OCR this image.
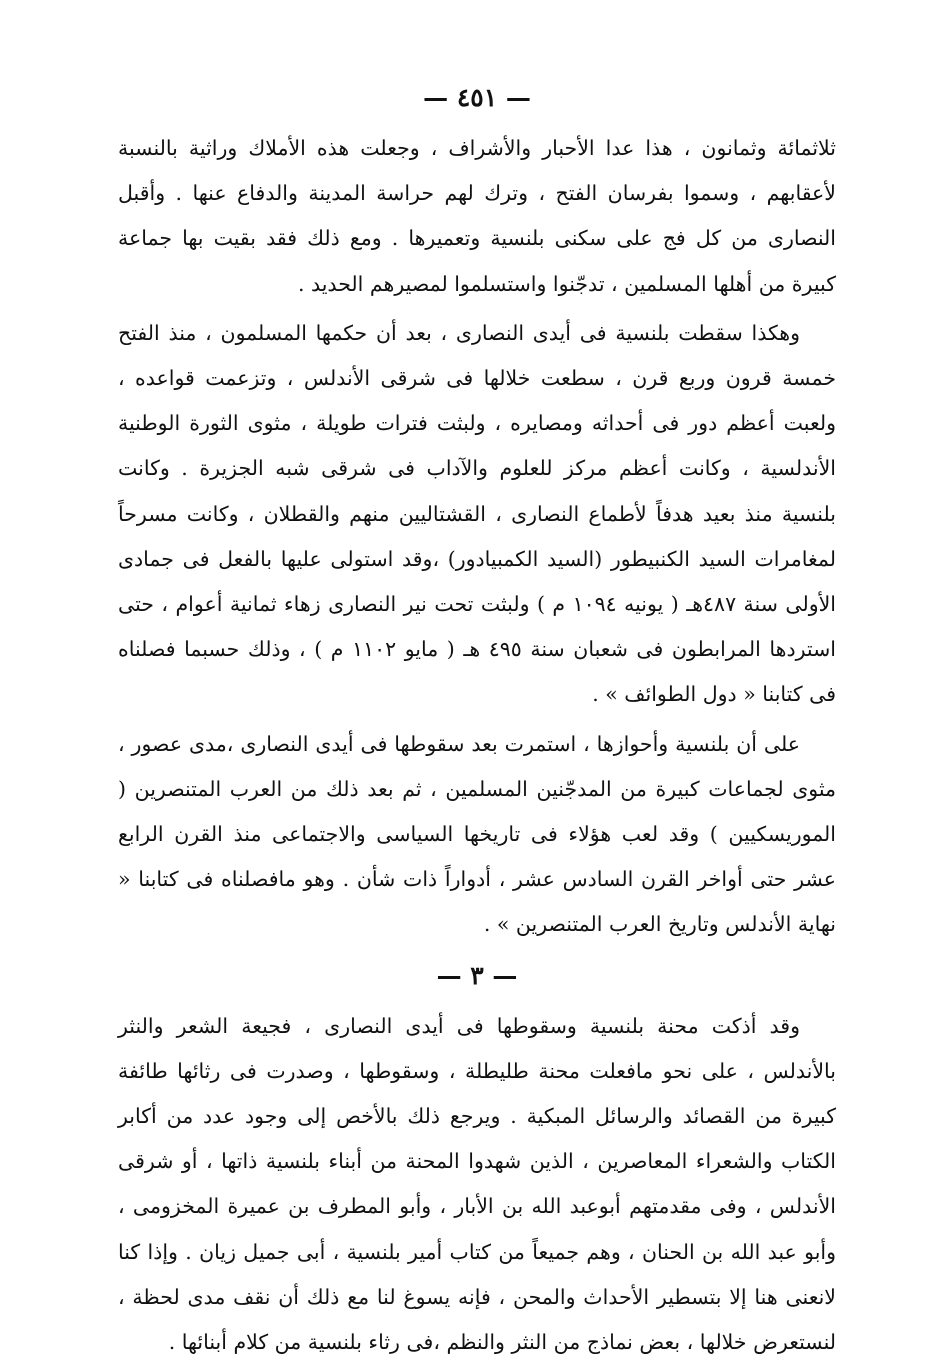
— ٤٥١ —

ثلاثمائة وثمانون ، هذا عدا الأحبار والأشراف ، وجعلت هذه الأملاك وراثية بالنسبة لأعقابهم ، وسموا بفرسان الفتح ، وترك لهم حراسة المدينة والدفاع عنها . وأقبل النصارى من كل فج على سكنى بلنسية وتعميرها . ومع ذلك فقد بقيت بها جماعة كبيرة من أهلها المسلمين ، تدجّنوا واستسلموا لمصيرهم الحديد .

وهكذا سقطت بلنسية فى أيدى النصارى ، بعد أن حكمها المسلمون ، منذ الفتح خمسة قرون وربع قرن ، سطعت خلالها فى شرقى الأندلس ، وتزعمت قواعده ، ولعبت أعظم دور فى أحداثه ومصايره ، ولبثت فترات طويلة ، مثوى الثورة الوطنية الأندلسية ، وكانت أعظم مركز للعلوم والآداب فى شرقى شبه الجزيرة . وكانت بلنسية منذ بعيد هدفاً لأطماع النصارى ، القشتاليين منهم والقطلان ، وكانت مسرحاً لمغامرات السيد الكنبيطور (السيد الكمبيادور) ،وقد استولى عليها بالفعل فى جمادى الأولى سنة ٤٨٧هـ ( يونيه ١٠٩٤ م ) ولبثت تحت نير النصارى زهاء ثمانية أعوام ، حتى استردها المرابطون فى شعبان سنة ٤٩٥ هـ ( مايو ١١٠٢ م ) ، وذلك حسبما فصلناه فى كتابنا « دول الطوائف » .

على أن بلنسية وأحوازها ، استمرت بعد سقوطها فى أيدى النصارى ،مدى عصور ، مثوى لجماعات كبيرة من المدجّنين المسلمين ، ثم بعد ذلك من العرب المتنصرين ( الموريسكيين ) وقد لعب هؤلاء فى تاريخها السياسى والاجتماعى منذ القرن الرابع عشر حتى أواخر القرن السادس عشر ، أدواراً ذات شأن . وهو مافصلناه فى كتابنا « نهاية الأندلس وتاريخ العرب المتنصرين » .

— ٣ —

وقد أذكت محنة بلنسية وسقوطها فى أيدى النصارى ، فجيعة الشعر والنثر بالأندلس ، على نحو مافعلت محنة طليطلة ، وسقوطها ، وصدرت فى رثائها طائفة كبيرة من القصائد والرسائل المبكية . ويرجع ذلك بالأخص إلى وجود عدد من أكابر الكتاب والشعراء المعاصرين ، الذين شهدوا المحنة من أبناء بلنسية ذاتها ، أو شرقى الأندلس ، وفى مقدمتهم أبوعبد الله بن الأبار ، وأبو المطرف بن عميرة المخزومى ، وأبو عبد الله بن الحنان ، وهم جميعاً من كتاب أمير بلنسية ، أبى جميل زيان . وإذا كنا لانعنى هنا إلا بتسطير الأحداث والمحن ، فإنه يسوغ لنا مع ذلك أن نقف مدى لحظة ، لنستعرض خلالها ، بعض نماذج من النثر والنظم ،فى رثاء بلنسية من كلام أبنائها .
